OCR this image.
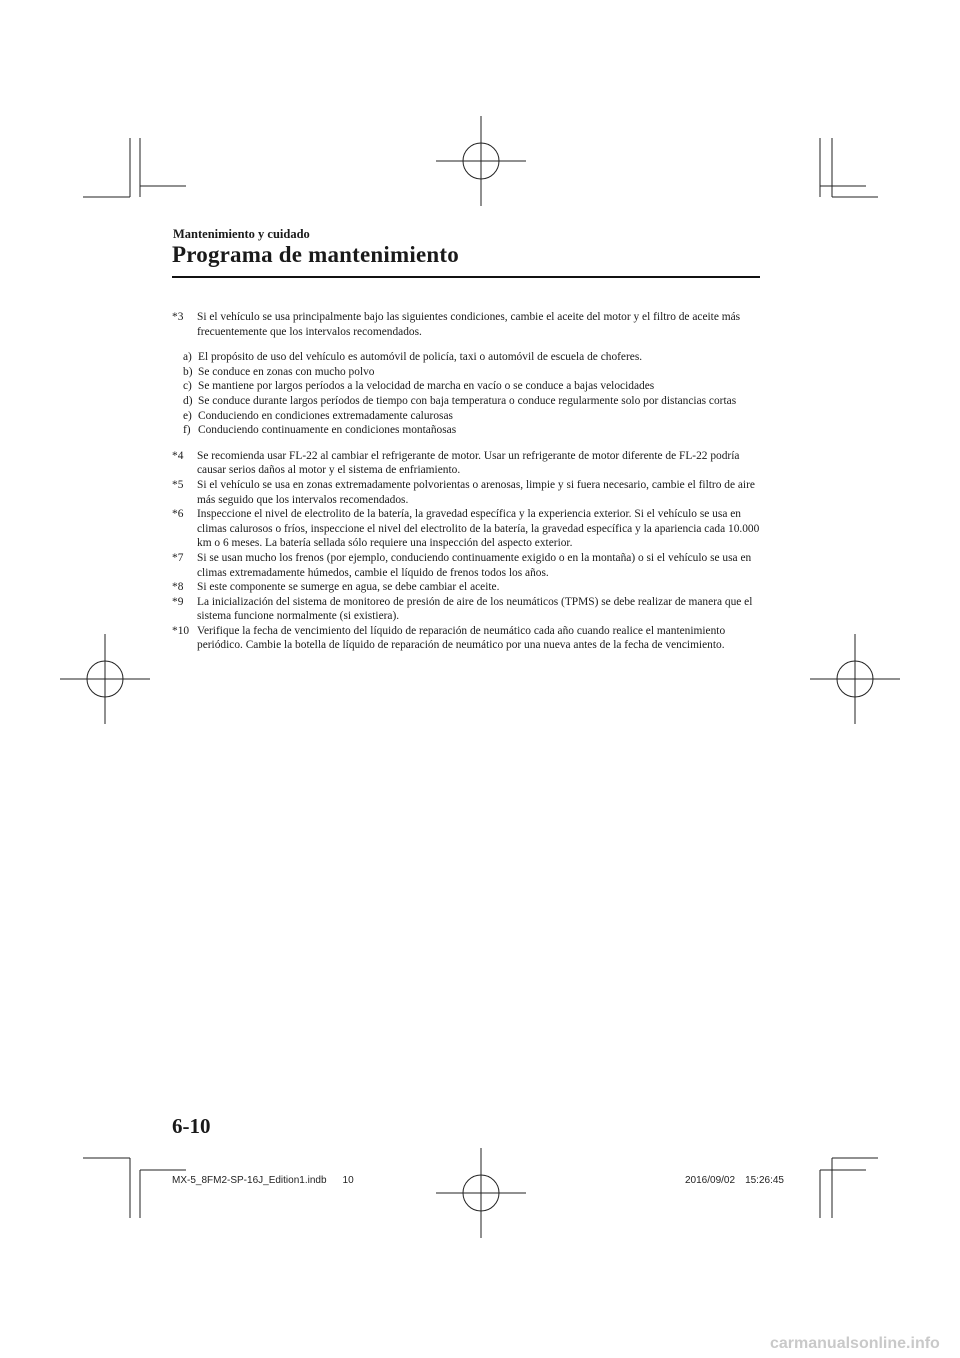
Mantenimiento y cuidado
Programa de mantenimiento
*3	Si el vehículo se usa principalmente bajo las siguientes condiciones, cambie el aceite del motor y el filtro de aceite más frecuentemente que los intervalos recomendados.
a) El propósito de uso del vehículo es automóvil de policía, taxi o automóvil de escuela de choferes.
b) Se conduce en zonas con mucho polvo
c) Se mantiene por largos períodos a la velocidad de marcha en vacío o se conduce a bajas velocidades
d) Se conduce durante largos períodos de tiempo con baja temperatura o conduce regularmente solo por distancias cortas
e) Conduciendo en condiciones extremadamente calurosas
f) Conduciendo continuamente en condiciones montañosas
*4	Se recomienda usar FL-22 al cambiar el refrigerante de motor. Usar un refrigerante de motor diferente de FL-22 podría causar serios daños al motor y el sistema de enfriamiento.
*5	Si el vehículo se usa en zonas extremadamente polvorientas o arenosas, limpie y si fuera necesario, cambie el filtro de aire más seguido que los intervalos recomendados.
*6	Inspeccione el nivel de electrolito de la batería, la gravedad específica y la experiencia exterior. Si el vehículo se usa en climas calurosos o fríos, inspeccione el nivel del electrolito de la batería, la gravedad específica y la apariencia cada 10.000 km o 6 meses. La batería sellada sólo requiere una inspección del aspecto exterior.
*7	Si se usan mucho los frenos (por ejemplo, conduciendo continuamente exigido o en la montaña) o si el vehículo se usa en climas extremadamente húmedos, cambie el líquido de frenos todos los años.
*8	Si este componente se sumerge en agua, se debe cambiar el aceite.
*9	La inicialización del sistema de monitoreo de presión de aire de los neumáticos (TPMS) se debe realizar de manera que el sistema funcione normalmente (si existiera).
*10 Verifique la fecha de vencimiento del líquido de reparación de neumático cada año cuando realice el mantenimiento periódico. Cambie la botella de líquido de reparación de neumático por una nueva antes de la fecha de vencimiento.
6-10
MX-5_8FM2-SP-16J_Edition1.indb 10	2016/09/02 15:26:45
carmanualsonline.info
